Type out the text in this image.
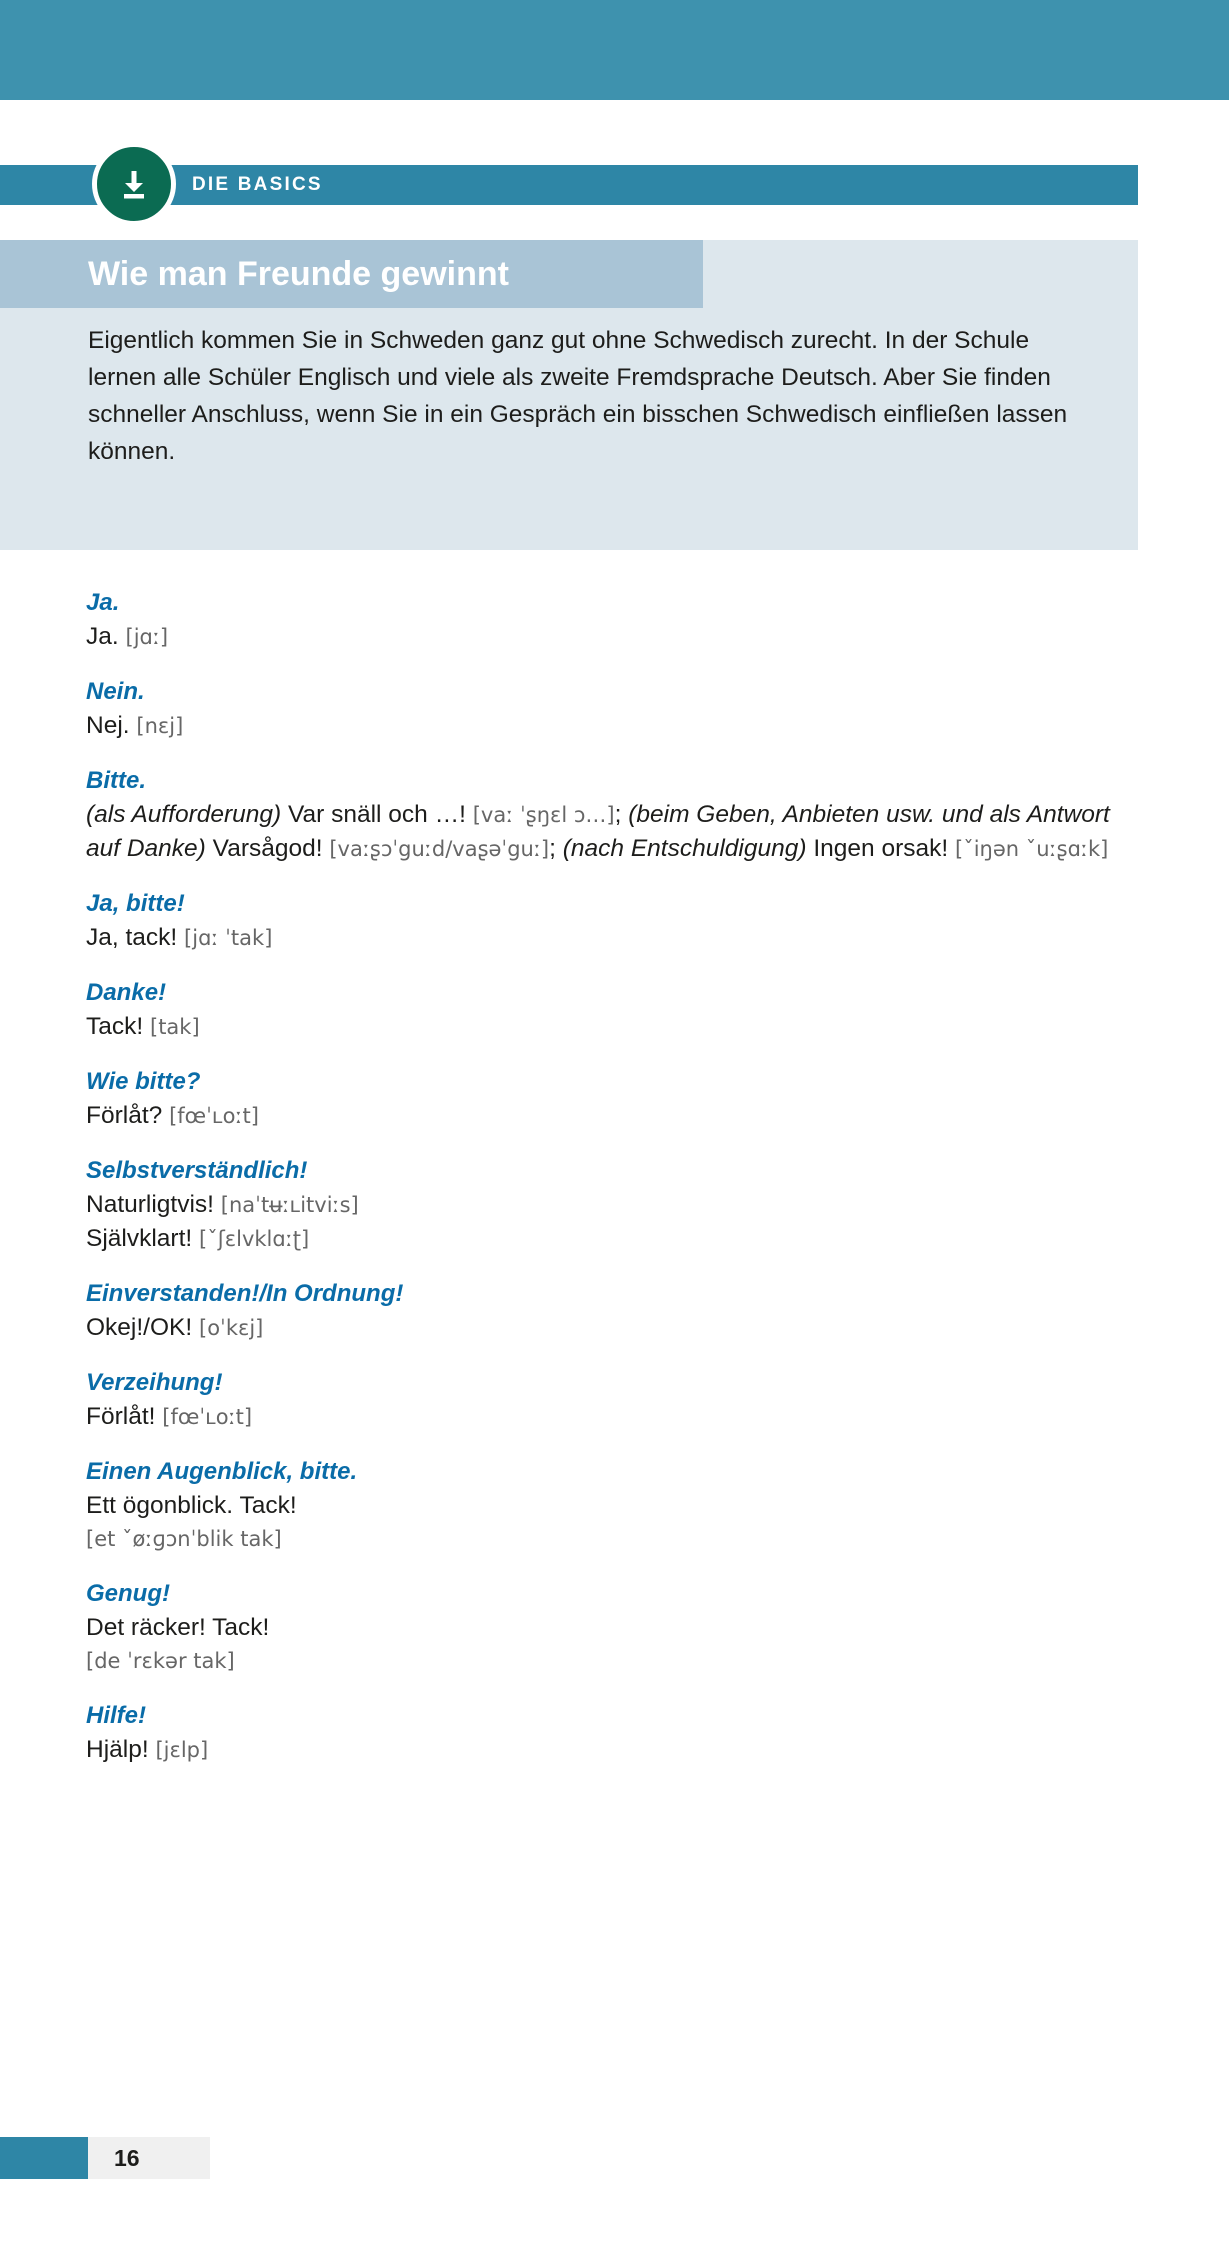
DIE BASICS
Wie man Freunde gewinnt
Eigentlich kommen Sie in Schweden ganz gut ohne Schwedisch zurecht. In der Schule lernen alle Schüler Englisch und viele als zweite Fremdsprache Deutsch. Aber Sie finden schneller Anschluss, wenn Sie in ein Gespräch ein bisschen Schwedisch einfließen lassen können.
Ja.
Ja. [jɑː]
Nein.
Nej. [nɛj]
Bitte.
(als Aufforderung) Var snäll och …! [vaː ˈʂŋɛl ɔ…]; (beim Geben, Anbieten usw. und als Antwort auf Danke) Varsågod! [vaːʂɔˈguːd/vaʂəˈguː]; (nach Entschuldigung) Ingen orsak! [ˇiŋən ˇuːʂɑːk]
Ja, bitte!
Ja, tack! [jɑː ˈtak]
Danke!
Tack! [tak]
Wie bitte?
Förlåt? [fœˈʟoːt]
Selbstverständlich!
Naturligtvis! [naˈtʉːʟitviːs]
Självklart! [ˇʃɛlvklɑːʈ]
Einverstanden!/In Ordnung!
Okej!/OK! [oˈkɛj]
Verzeihung!
Förlåt! [fœˈʟoːt]
Einen Augenblick, bitte.
Ett ögonblick. Tack!
[et ˇøːɡɔnˈblik tak]
Genug!
Det räcker! Tack!
[de ˈrɛkər tak]
Hilfe!
Hjälp! [jɛlp]
16
